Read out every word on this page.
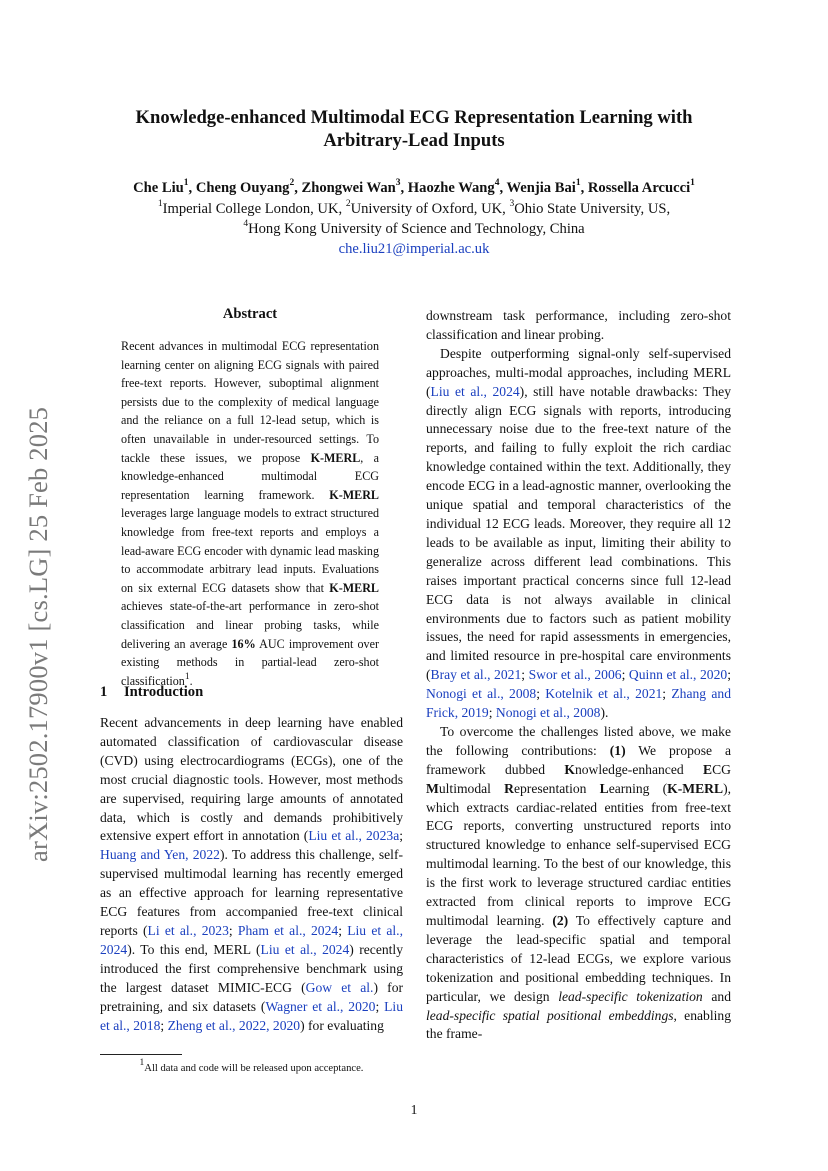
Knowledge-enhanced Multimodal ECG Representation Learning with
Arbitrary-Lead Inputs
Che Liu$^1$, Cheng Ouyang$^2$, Zhongwei Wan$^3$, Haozhe Wang$^4$, Wenjia Bai$^1$, Rossella Arcucci$^1$
$^1$Imperial College London, UK, $^2$University of Oxford, UK, $^3$Ohio State University, US,
$^4$Hong Kong University of Science and Technology, China
che.liu21@imperial.ac.uk
arXiv:2502.17900v1 [cs.LG] 25 Feb 2025
Abstract
Recent advances in multimodal ECG representation learning center on aligning ECG signals with paired free-text reports. However, suboptimal alignment persists due to the complexity of medical language and the reliance on a full 12-lead setup, which is often unavailable in under-resourced settings. To tackle these issues, we propose K-MERL, a knowledge-enhanced multimodal ECG representation learning framework. K-MERL leverages large language models to extract structured knowledge from free-text reports and employs a lead-aware ECG encoder with dynamic lead masking to accommodate arbitrary lead inputs. Evaluations on six external ECG datasets show that K-MERL achieves state-of-the-art performance in zero-shot classification and linear probing tasks, while delivering an average 16% AUC improvement over existing methods in partial-lead zero-shot classification$^1$.
1 Introduction

Recent advancements in deep learning have enabled automated classification of cardiovascular disease (CVD) using electrocardiograms (ECGs), one of the most crucial diagnostic tools. However, most methods are supervised, requiring large amounts of annotated data, which is costly and demands prohibitively extensive expert effort in annotation (Liu et al., 2023a; Huang and Yen, 2022). To address this challenge, self-supervised multimodal learning has recently emerged as an effective approach for learning representative ECG features from accompanied free-text clinical reports (Li et al., 2023; Pham et al., 2024; Liu et al., 2024). To this end, MERL (Liu et al., 2024) recently introduced the first comprehensive benchmark using the largest dataset MIMIC-ECG (Gow et al.) for pretraining, and six datasets (Wagner et al., 2020; Liu et al., 2018; Zheng et al., 2022, 2020) for evaluating

downstream task performance, including zero-shot classification and linear probing.

Despite outperforming signal-only self-supervised approaches, multi-modal approaches, including MERL (Liu et al., 2024), still have notable drawbacks: They directly align ECG signals with reports, introducing unnecessary noise due to the free-text nature of the reports, and failing to fully exploit the rich cardiac knowledge contained within the text. Additionally, they encode ECG in a lead-agnostic manner, overlooking the unique spatial and temporal characteristics of the individual 12 ECG leads. Moreover, they require all 12 leads to be available as input, limiting their ability to generalize across different lead combinations. This raises important practical concerns since full 12-lead ECG data is not always available in clinical environments due to factors such as patient mobility issues, the need for rapid assessments in emergencies, and limited resource in pre-hospital care environments (Bray et al., 2021; Swor et al., 2006; Quinn et al., 2020; Nonogi et al., 2008; Kotelnik et al., 2021; Zhang and Frick, 2019; Nonogi et al., 2008).

To overcome the challenges listed above, we make the following contributions: (1) We propose a framework dubbed Knowledge-enhanced ECG Multimodal Representation Learning (K-MERL), which extracts cardiac-related entities from free-text ECG reports, converting unstructured reports into structured knowledge to enhance self-supervised ECG multimodal learning. To the best of our knowledge, this is the first work to leverage structured cardiac entities extracted from clinical reports to improve ECG multimodal learning. (2) To effectively capture and leverage the lead-specific spatial and temporal characteristics of 12-lead ECGs, we explore various tokenization and positional embedding techniques. In particular, we design lead-specific tokenization and lead-specific spatial positional embeddings, enabling the frame-

$^1$All data and code will be released upon acceptance.
1
